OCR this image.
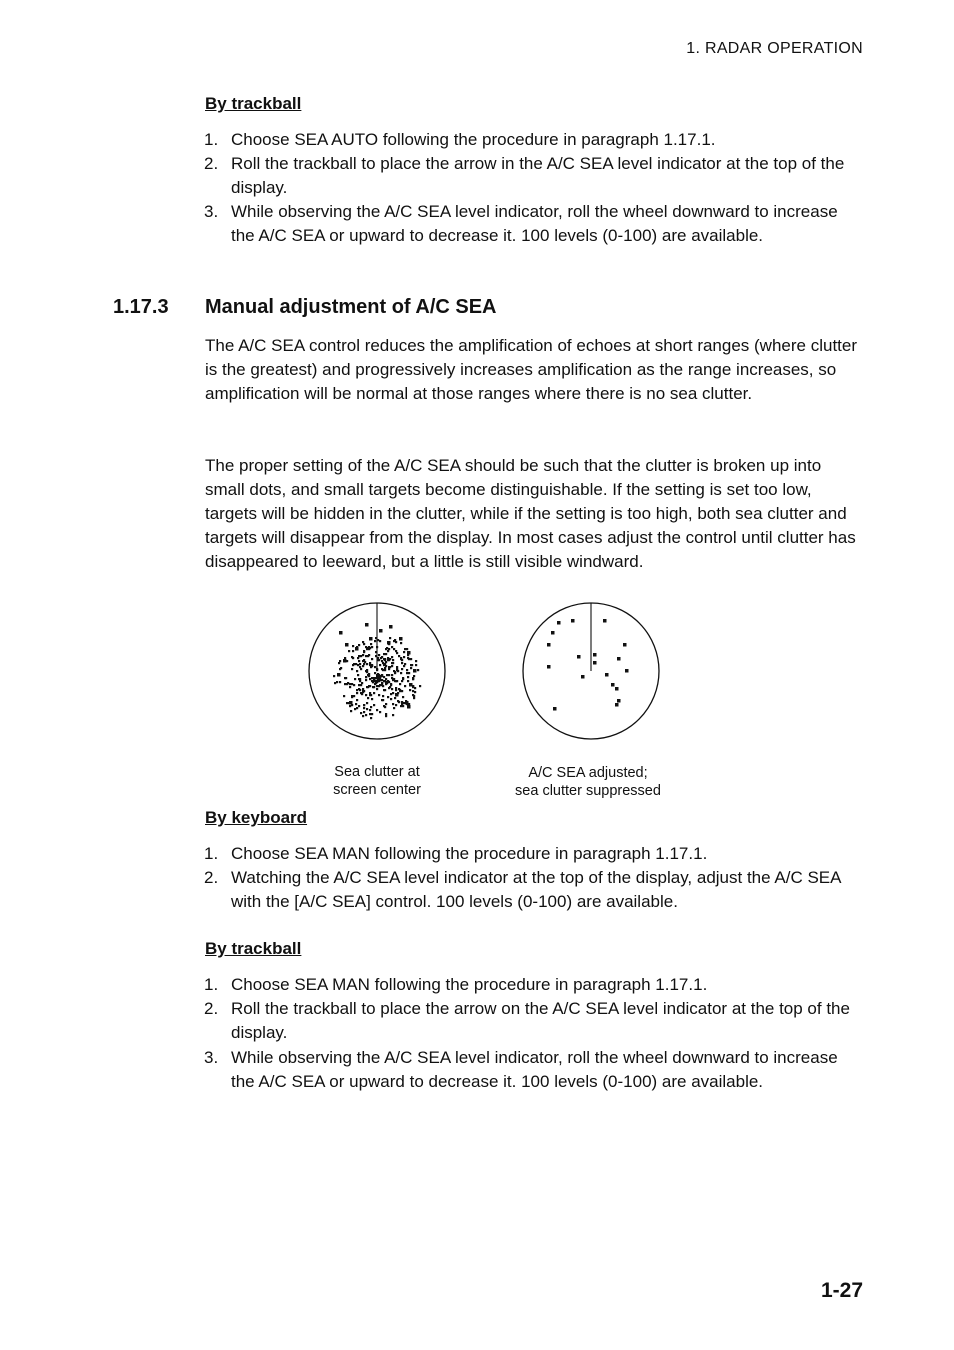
1. RADAR OPERATION
By trackball
1. Choose SEA AUTO following the procedure in paragraph 1.17.1.
2. Roll the trackball to place the arrow in the A/C SEA level indicator at the top of the display.
3. While observing the A/C SEA level indicator, roll the wheel downward to increase the A/C SEA or upward to decrease it. 100 levels (0-100) are available.
1.17.3 Manual adjustment of A/C SEA
The A/C SEA control reduces the amplification of echoes at short ranges (where clutter is the greatest) and progressively increases amplification as the range increases, so amplification will be normal at those ranges where there is no sea clutter.
The proper setting of the A/C SEA should be such that the clutter is broken up into small dots, and small targets become distinguishable. If the setting is set too low, targets will be hidden in the clutter, while if the setting is too high, both sea clutter and targets will disappear from the display. In most cases adjust the control until clutter has disappeared to leeward, but a little is still visible windward.
Sea clutter at
screen center
A/C SEA adjusted;
sea clutter suppressed
By keyboard
1. Choose SEA MAN following the procedure in paragraph 1.17.1.
2. Watching the A/C SEA level indicator at the top of the display, adjust the A/C SEA with the [A/C SEA] control. 100 levels (0-100) are available.
By trackball
1. Choose SEA MAN following the procedure in paragraph 1.17.1.
2. Roll the trackball to place the arrow on the A/C SEA level indicator at the top of the display.
3. While observing the A/C SEA level indicator, roll the wheel downward to increase the A/C SEA or upward to decrease it. 100 levels (0-100) are available.
1-27
